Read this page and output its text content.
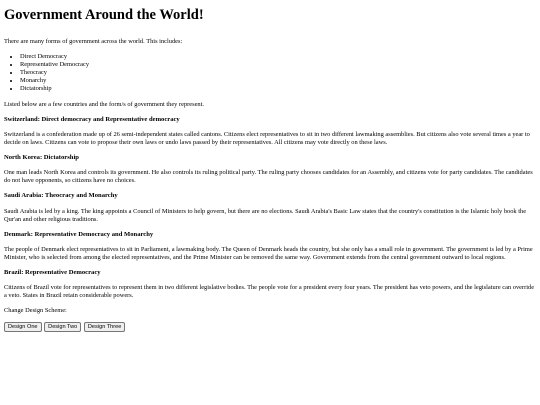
Government Around the World!

There are many forms of government across the world. This includes:

• Direct Democracy
• Representative Democracy
• Theocracy
• Monarchy
• Dictatorship

Listed below are a few countries and the form/s of government they represent.

Switzerland: Direct democracy and Representative democracy

Switzerland is a confederation made up of 26 semi-independent states called cantons. Citizens elect representatives to sit in two different lawmaking assemblies. But citizens also vote several times a year to decide on laws. Citizens can vote to propose their own laws or undo laws passed by their representatives. All citizens may vote directly on these laws.

North Korea: Dictatorship

One man leads North Korea and controls its government. He also controls its ruling political party. The ruling party chooses candidates for an Assembly, and citizens vote for party candidates. The candidates do not have opponents, so citizens have no choices.

Saudi Arabia: Theocracy and Monarchy

Saudi Arabia is led by a king. The king appoints a Council of Ministers to help govern, but there are no elections. Saudi Arabia's Basic Law states that the country's constitution is the Islamic holy book the Qur'an and other religious traditions.

Denmark: Representative Democracy and Monarchy

The people of Denmark elect representatives to sit in Parliament, a lawmaking body. The Queen of Denmark heads the country, but she only has a small role in government. The government is led by a Prime Minister, who is selected from among the elected representatives, and the Prime Minister can be removed the same way. Government extends from the central government outward to local regions.

Brazil: Representative Democracy

Citizens of Brazil vote for representatives to represent them in two different legislative bodies. The people vote for a president every four years. The president has veto powers, and the legislature can override a veto. States in Brazil retain considerable powers.

Change Design Scheme:

Design One Design Two Design Three
